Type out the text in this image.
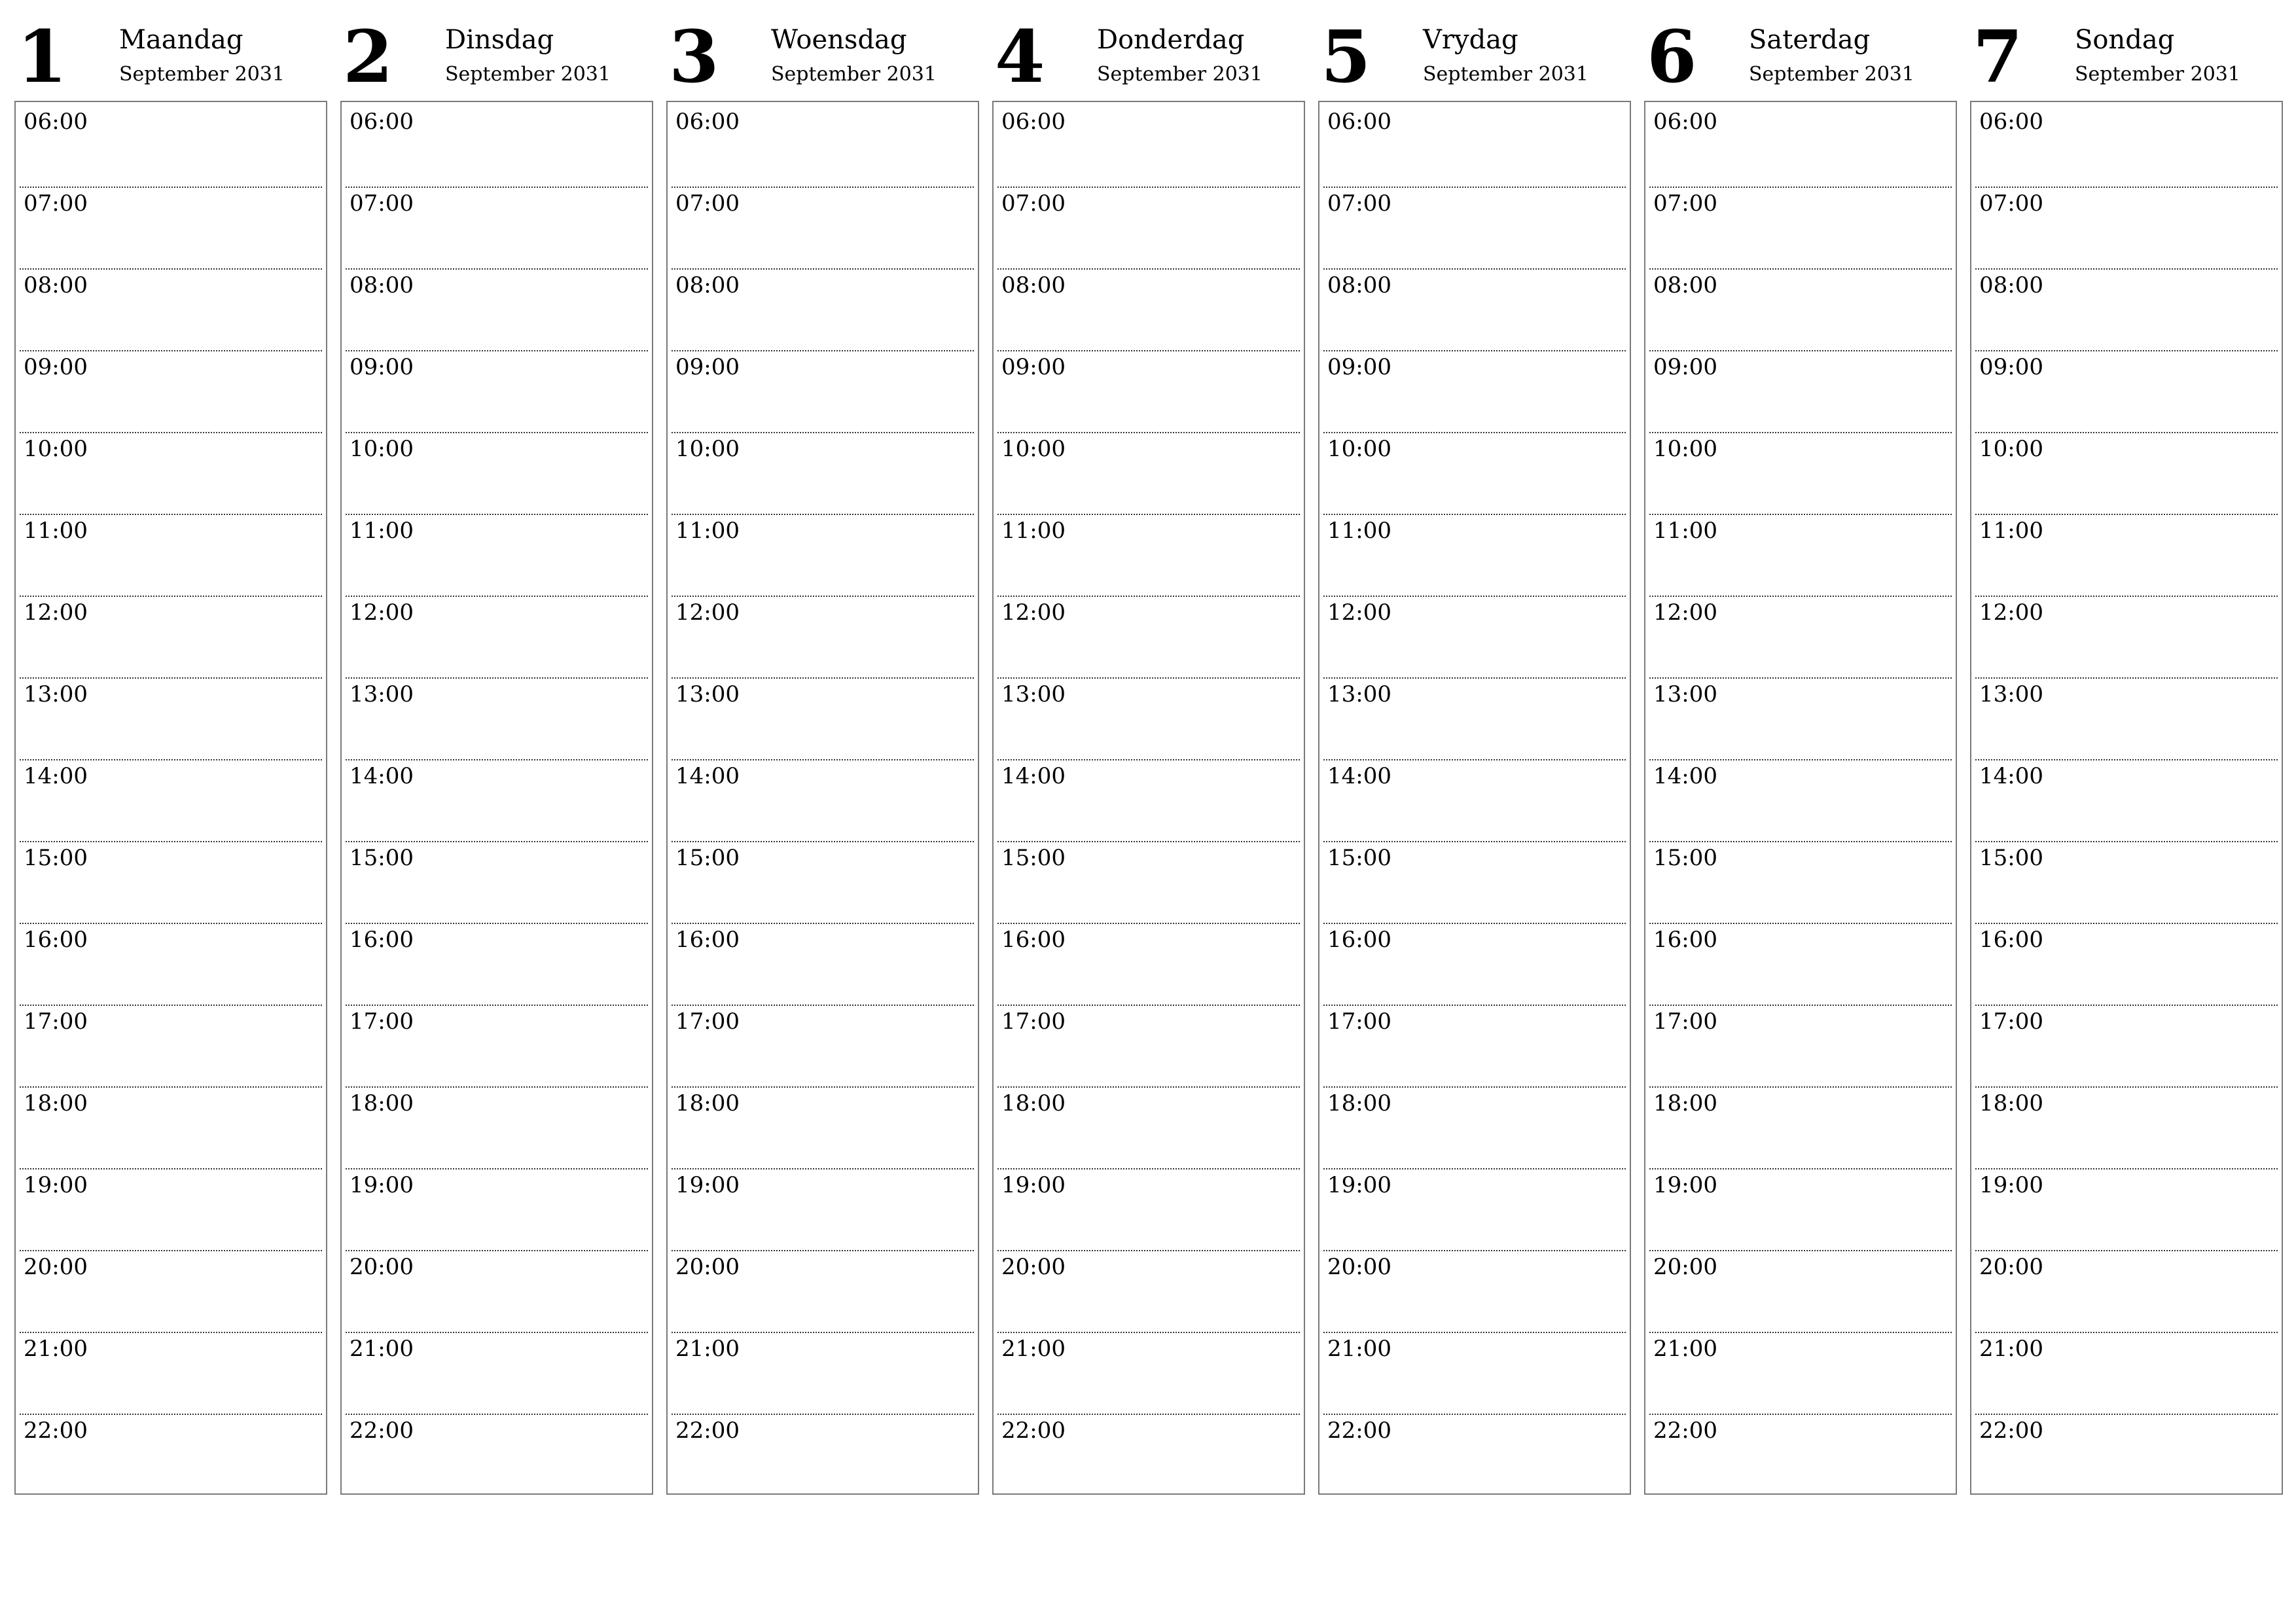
1 Maandag
September 2031
06:00
07:00
08:00
09:00
10:00
11:00
12:00
13:00
14:00
15:00
16:00
17:00
18:00
19:00
20:00
21:00
22:00
2 Dinsdag
September 2031
06:00
07:00
08:00
09:00
10:00
11:00
12:00
13:00
14:00
15:00
16:00
17:00
18:00
19:00
20:00
21:00
22:00
3 Woensdag
September 2031
06:00
07:00
08:00
09:00
10:00
11:00
12:00
13:00
14:00
15:00
16:00
17:00
18:00
19:00
20:00
21:00
22:00
4 Donderdag
September 2031
06:00
07:00
08:00
09:00
10:00
11:00
12:00
13:00
14:00
15:00
16:00
17:00
18:00
19:00
20:00
21:00
22:00
5 Vrydag
September 2031
06:00
07:00
08:00
09:00
10:00
11:00
12:00
13:00
14:00
15:00
16:00
17:00
18:00
19:00
20:00
21:00
22:00
6 Saterdag
September 2031
06:00
07:00
08:00
09:00
10:00
11:00
12:00
13:00
14:00
15:00
16:00
17:00
18:00
19:00
20:00
21:00
22:00
7 Sondag
September 2031
06:00
07:00
08:00
09:00
10:00
11:00
12:00
13:00
14:00
15:00
16:00
17:00
18:00
19:00
20:00
21:00
22:00
